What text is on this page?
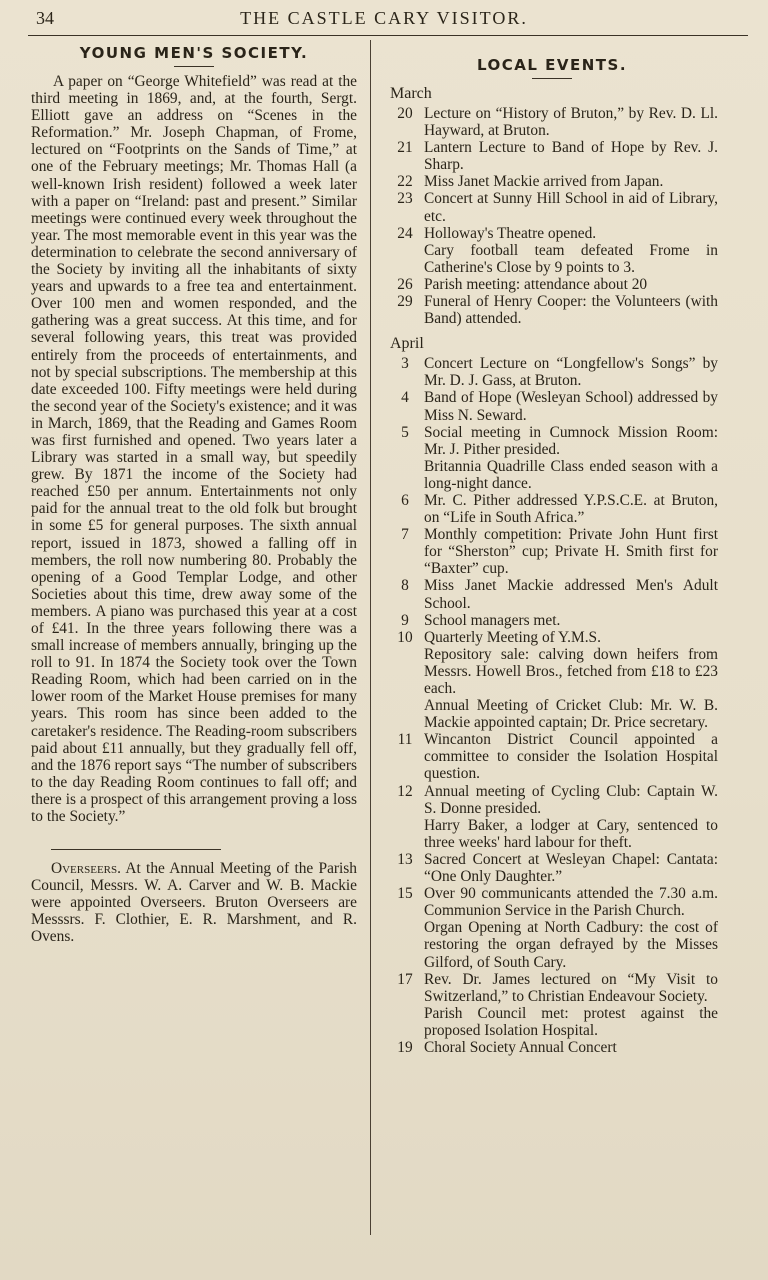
34	THE CASTLE CARY VISITOR.
YOUNG MEN'S SOCIETY.

A paper on “George Whitefield” was read at the third meeting in 1869, and, at the fourth, Sergt. Elliott gave an address on “Scenes in the Reformation.” Mr. Joseph Chapman, of Frome, lectured on “Footprints on the Sands of Time,” at one of the February meetings; Mr. Thomas Hall (a well-known Irish resident) followed a week later with a paper on “Ireland: past and present.” Similar meetings were continued every week throughout the year. The most memorable event in this year was the determination to celebrate the second anniversary of the Society by inviting all the inhabitants of sixty years and upwards to a free tea and entertainment. Over 100 men and women responded, and the gathering was a great success. At this time, and for several following years, this treat was provided entirely from the proceeds of entertainments, and not by special subscriptions. The membership at this date exceeded 100. Fifty meetings were held during the second year of the Society's existence; and it was in March, 1869, that the Reading and Games Room was first furnished and opened. Two years later a Library was started in a small way, but speedily grew. By 1871 the income of the Society had reached £50 per annum. Entertainments not only paid for the annual treat to the old folk but brought in some £5 for general purposes. The sixth annual report, issued in 1873, showed a falling off in members, the roll now numbering 80. Probably the opening of a Good Templar Lodge, and other Societies about this time, drew away some of the members. A piano was purchased this year at a cost of £41. In the three years following there was a small increase of members annually, bringing up the roll to 91. In 1874 the Society took over the Town Reading Room, which had been carried on in the lower room of the Market House premises for many years. This room has since been added to the caretaker's residence. The Reading-room subscribers paid about £11 annually, but they gradually fell off, and the 1876 report says “The number of subscribers to the day Reading Room continues to fall off; and there is a prospect of this arrangement proving a loss to the Society.”

Overseers. At the Annual Meeting of the Parish Council, Messrs. W. A. Carver and W. B. Mackie were appointed Overseers. Bruton Overseers are Messsrs. F. Clothier, E. R. Marshment, and R. Ovens.

LOCAL EVENTS.
March
20 Lecture on “History of Bruton,” by Rev. D. Ll. Hayward, at Bruton.
21 Lantern Lecture to Band of Hope by Rev. J. Sharp.
22 Miss Janet Mackie arrived from Japan.
23 Concert at Sunny Hill School in aid of Library, etc.
24 Holloway's Theatre opened.
Cary football team defeated Frome in Catherine's Close by 9 points to 3.
26 Parish meeting: attendance about 20
29 Funeral of Henry Cooper: the Volunteers (with Band) attended.
April
3 Concert Lecture on “Longfellow's Songs” by Mr. D. J. Gass, at Bruton.
4 Band of Hope (Wesleyan School) addressed by Miss N. Seward.
5 Social meeting in Cumnock Mission Room: Mr. J. Pither presided.
Britannia Quadrille Class ended season with a long-night dance.
6 Mr. C. Pither addressed Y.P.S.C.E. at Bruton, on “Life in South Africa.”
7 Monthly competition: Private John Hunt first for “Sherston” cup; Private H. Smith first for “Baxter” cup.
8 Miss Janet Mackie addressed Men's Adult School.
9 School managers met.
10 Quarterly Meeting of Y.M.S.
Repository sale: calving down heifers from Messrs. Howell Bros., fetched from £18 to £23 each.
Annual Meeting of Cricket Club: Mr. W. B. Mackie appointed captain; Dr. Price secretary.
11 Wincanton District Council appointed a committee to consider the Isolation Hospital question.
12 Annual meeting of Cycling Club: Captain W. S. Donne presided.
Harry Baker, a lodger at Cary, sentenced to three weeks' hard labour for theft.
13 Sacred Concert at Wesleyan Chapel: Cantata: “One Only Daughter.”
15 Over 90 communicants attended the 7.30 a.m. Communion Service in the Parish Church.
Organ Opening at North Cadbury: the cost of restoring the organ defrayed by the Misses Gilford, of South Cary.
17 Rev. Dr. James lectured on “My Visit to Switzerland,” to Christian Endeavour Society.
Parish Council met: protest against the proposed Isolation Hospital.
19 Choral Society Annual Concert
